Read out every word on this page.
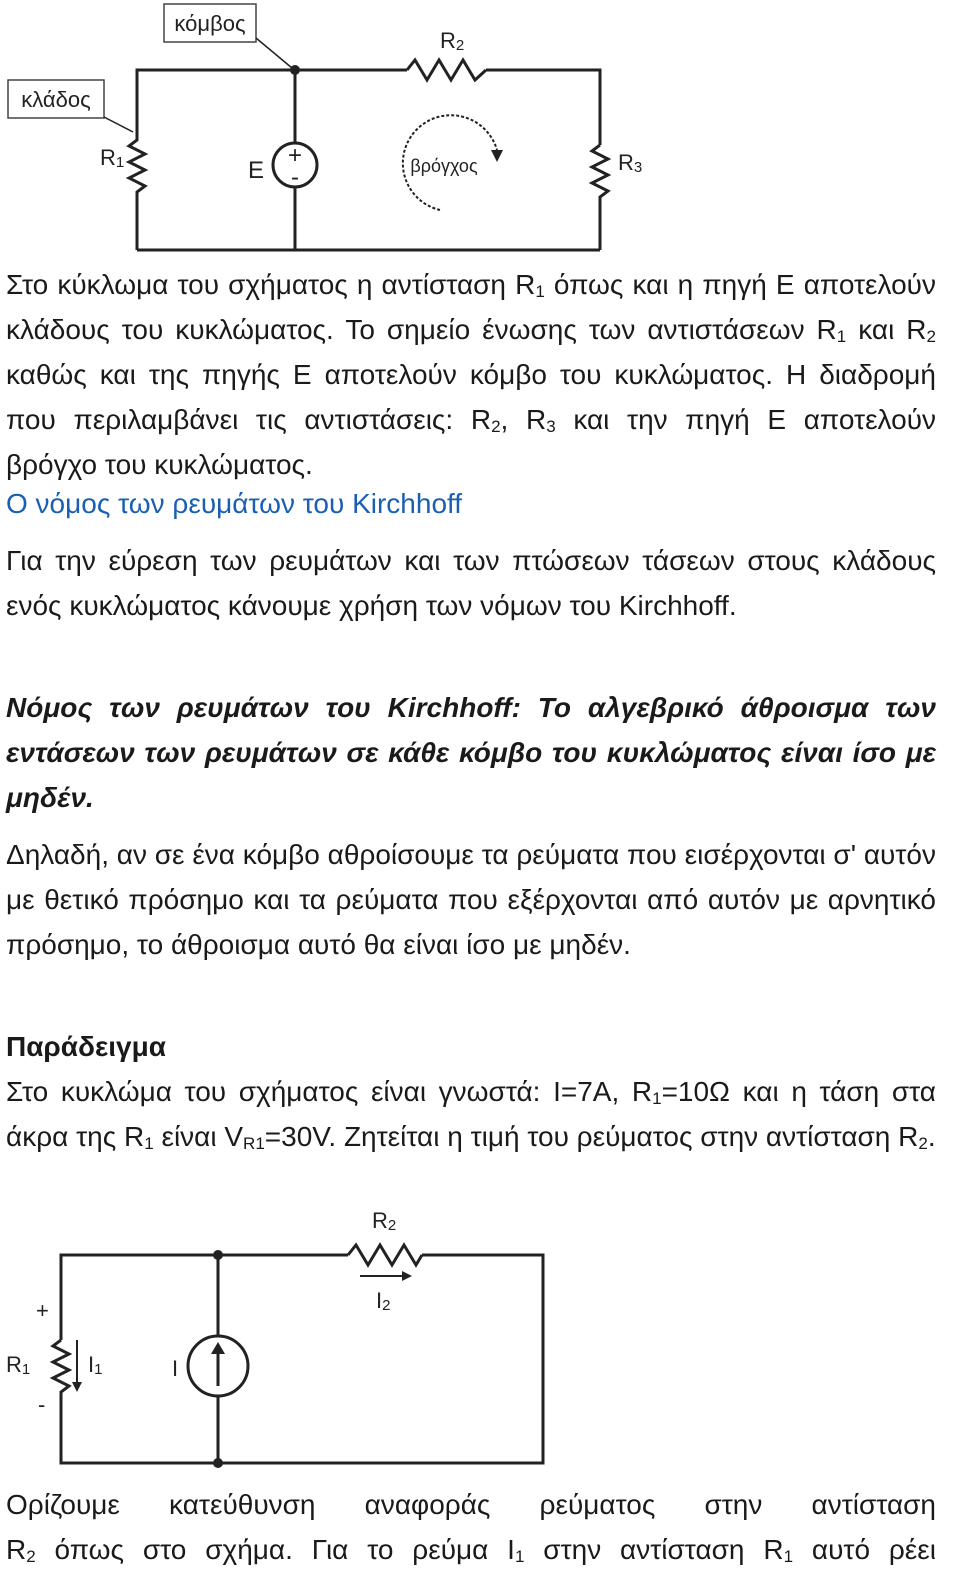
+
-
E
R1
R2
R3
κόμβος
κλάδος
βρόγχος

Στο κύκλωμα του σχήματος η αντίσταση $R_1$ όπως και η πηγή Ε αποτελούν κλάδους του κυκλώματος. Το σημείο ένωσης των αντιστάσεων $R_1$ και $R_2$ καθώς και της πηγής Ε αποτελούν κόμβο του κυκλώματος. Η διαδρομή που περιλαμβάνει τις αντιστάσεις: $R_2$, $R_3$ και την πηγή Ε αποτελούν βρόγχο του κυκλώματος.

Ο νόμος των ρευμάτων του Kirchhoff

Για την εύρεση των ρευμάτων και των πτώσεων τάσεων στους κλάδους ενός κυκλώματος κάνουμε χρήση των νόμων του Kirchhoff.

Νόμος των ρευμάτων του Kirchhoff: Το αλγεβρικό άθροισμα των εντάσεων των ρευμάτων σε κάθε κόμβο του κυκλώματος είναι ίσο με μηδέν.

Δηλαδή, αν σε ένα κόμβο αθροίσουμε τα ρεύματα που εισέρχονται σ' αυτόν με θετικό πρόσημο και τα ρεύματα που εξέρχονται από αυτόν με αρνητικό πρόσημο, το άθροισμα αυτό θα είναι ίσο με μηδέν.

Παράδειγμα

Στο κυκλώμα του σχήματος είναι γνωστά: I=7A, $R_1=10\Omega$ και η τάση στα άκρα της $R_1$ είναι $V_{R1}=30V$. Ζητείται η τιμή του ρεύματος στην αντίσταση $R_2$.

I
R2
I2
R1	I1
+
-

Ορίζουμε κατεύθυνση αναφοράς ρεύματος στην αντίσταση

$R_2$ όπως στο σχήμα. Για το ρεύμα $I_1$ στην αντίσταση $R_1$ αυτό ρέει
